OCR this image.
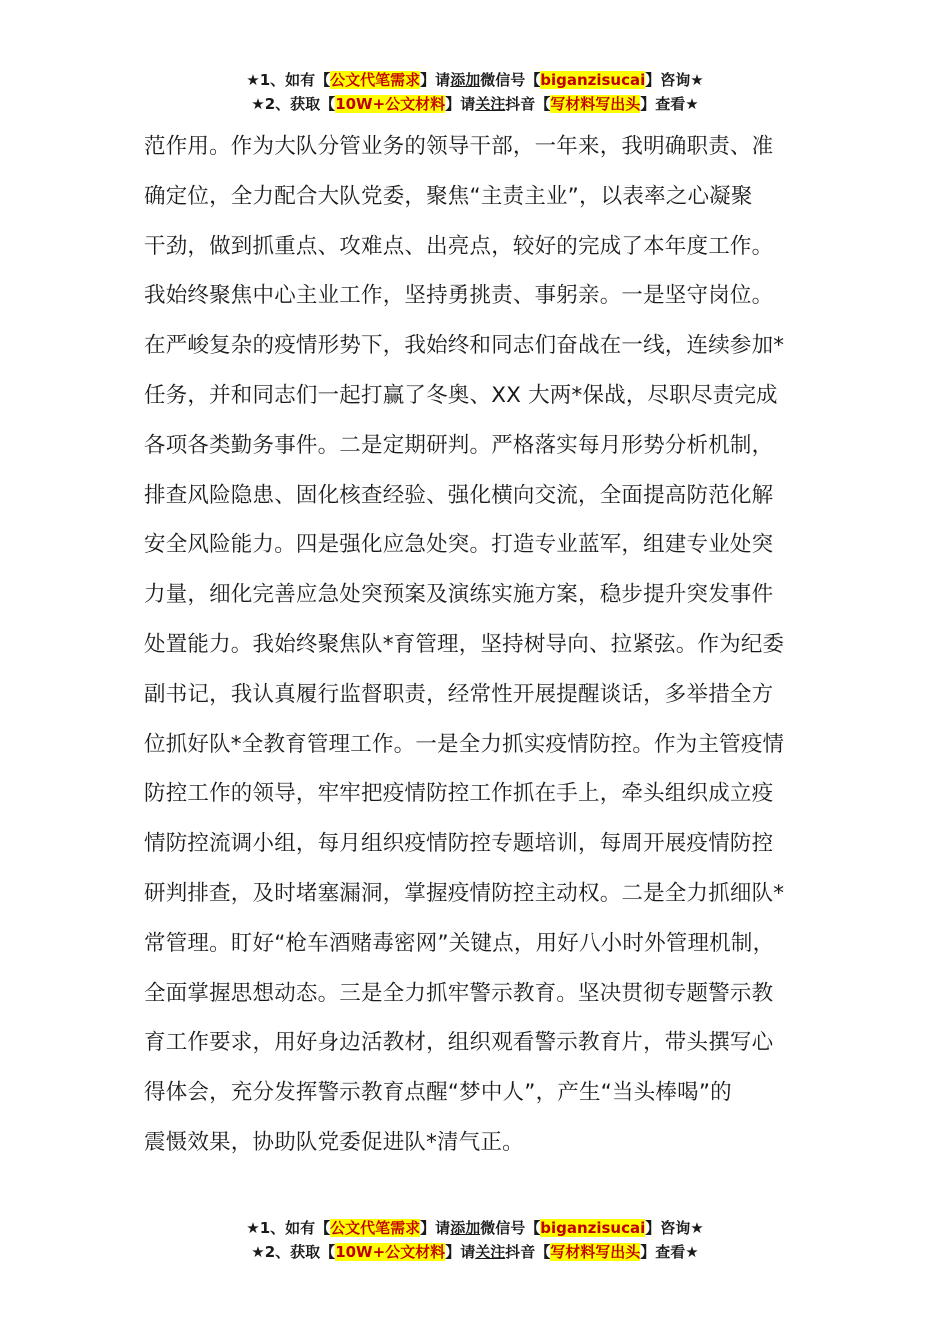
★1、如有【公文代笔需求】请添加微信号【biganzisucai】咨询★
★2、获取【10W+公文材料】请关注抖音【写材料写出头】查看★
范作用。作为大队分管业务的领导干部，一年来，我明确职责、准
确定位，全力配合大队党委，聚焦“主责主业”，以表率之心凝聚
干劲，做到抓重点、攻难点、出亮点，较好的完成了本年度工作。
我始终聚焦中心主业工作，坚持勇挑责、事躬亲。一是坚守岗位。
在严峻复杂的疫情形势下，我始终和同志们奋战在一线，连续参加*
任务，并和同志们一起打赢了冬奥、XX 大两*保战，尽职尽责完成
各项各类勤务事件。二是定期研判。严格落实每月形势分析机制，
排查风险隐患、固化核查经验、强化横向交流，全面提高防范化解
安全风险能力。四是强化应急处突。打造专业蓝军，组建专业处突
力量，细化完善应急处突预案及演练实施方案，稳步提升突发事件
处置能力。我始终聚焦队*育管理，坚持树导向、拉紧弦。作为纪委
副书记，我认真履行监督职责，经常性开展提醒谈话，多举措全方
位抓好队*全教育管理工作。一是全力抓实疫情防控。作为主管疫情
防控工作的领导，牢牢把疫情防控工作抓在手上，牵头组织成立疫
情防控流调小组，每月组织疫情防控专题培训，每周开展疫情防控
研判排查，及时堵塞漏洞，掌握疫情防控主动权。二是全力抓细队*
常管理。盯好“枪车酒赌毒密网”关键点，用好八小时外管理机制，
全面掌握思想动态。三是全力抓牢警示教育。坚决贯彻专题警示教
育工作要求，用好身边活教材，组织观看警示教育片，带头撰写心
得体会，充分发挥警示教育点醒“梦中人”，产生“当头棒喝”的
震慑效果，协助队党委促进队*清气正。
★1、如有【公文代笔需求】请添加微信号【biganzisucai】咨询★
★2、获取【10W+公文材料】请关注抖音【写材料写出头】查看★
